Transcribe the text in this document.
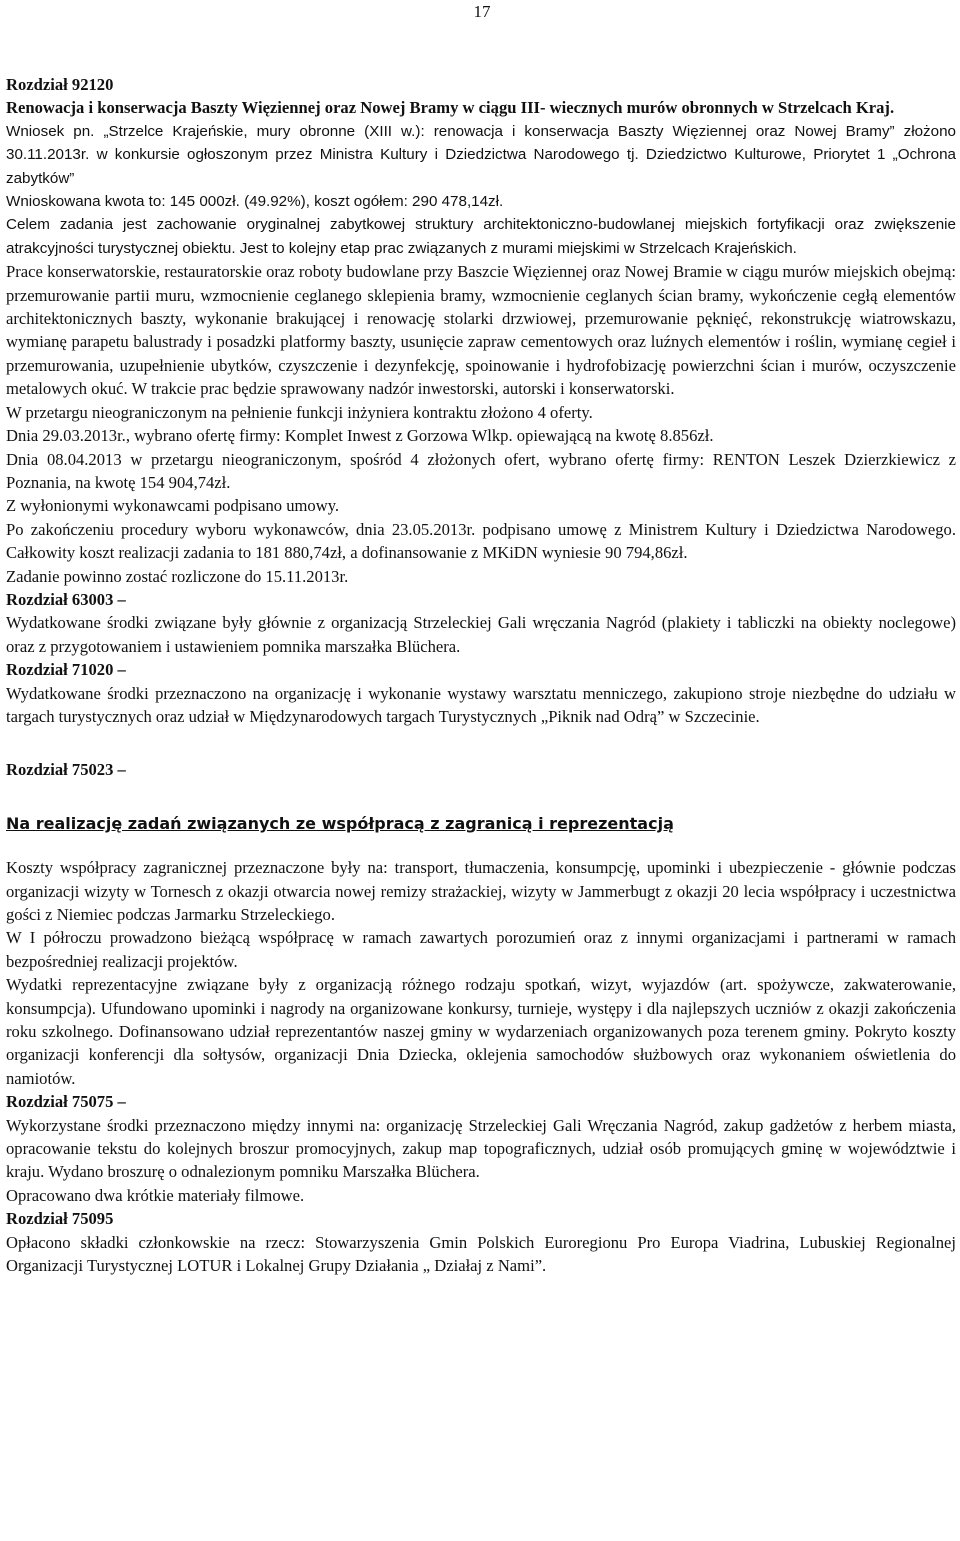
17

Rozdział 92120

Renowacja i konserwacja Baszty Więziennej oraz Nowej Bramy w ciągu III- wiecznych murów obronnych w Strzelcach Kraj.

Wniosek pn. „Strzelce Krajeńskie, mury obronne (XIII w.): renowacja i konserwacja Baszty Więziennej oraz Nowej Bramy” złożono 30.11.2013r. w konkursie ogłoszonym przez Ministra Kultury i Dziedzictwa Narodowego tj. Dziedzictwo Kulturowe, Priorytet 1 „Ochrona zabytków”

Wnioskowana kwota to: 145 000zł. (49.92%), koszt ogółem: 290 478,14zł.

Celem zadania jest zachowanie oryginalnej zabytkowej struktury architektoniczno-budowlanej miejskich fortyfikacji oraz zwiększenie atrakcyjności turystycznej obiektu. Jest to kolejny etap prac związanych z murami miejskimi w Strzelcach Krajeńskich.

Prace konserwatorskie, restauratorskie oraz roboty budowlane przy Baszcie Więziennej oraz Nowej Bramie w ciągu murów miejskich obejmą: przemurowanie partii muru, wzmocnienie ceglanego sklepienia bramy, wzmocnienie ceglanych ścian bramy, wykończenie cegłą elementów architektonicznych baszty, wykonanie brakującej i renowację stolarki drzwiowej, przemurowanie pęknięć, rekonstrukcję wiatrowskazu, wymianę parapetu balustrady i posadzki platformy baszty, usunięcie zapraw cementowych oraz luźnych elementów i roślin, wymianę cegieł i przemurowania, uzupełnienie ubytków, czyszczenie i dezynfekcję, spoinowanie i hydrofobizację powierzchni ścian i murów, oczyszczenie metalowych okuć. W trakcie prac będzie sprawowany nadzór inwestorski, autorski i konserwatorski.

W przetargu nieograniczonym na pełnienie funkcji inżyniera kontraktu złożono 4 oferty.

Dnia 29.03.2013r., wybrano ofertę firmy: Komplet Inwest z Gorzowa Wlkp. opiewającą na kwotę 8.856zł.

Dnia 08.04.2013 w przetargu nieograniczonym, spośród 4 złożonych ofert, wybrano ofertę firmy: RENTON Leszek Dzierzkiewicz z Poznania, na kwotę 154 904,74zł.

Z wyłonionymi wykonawcami podpisano umowy.

Po zakończeniu procedury wyboru wykonawców, dnia 23.05.2013r. podpisano umowę z Ministrem Kultury i Dziedzictwa Narodowego. Całkowity koszt realizacji zadania to 181 880,74zł, a dofinansowanie z MKiDN wyniesie 90 794,86zł.

Zadanie powinno zostać rozliczone do 15.11.2013r.

Rozdział 63003 –

Wydatkowane środki związane były głównie z organizacją Strzeleckiej Gali wręczania Nagród (plakiety i tabliczki na obiekty noclegowe) oraz z przygotowaniem i ustawieniem pomnika marszałka Blüchera.

Rozdział 71020 –

Wydatkowane środki przeznaczono na organizację i wykonanie wystawy warsztatu menniczego, zakupiono stroje niezbędne do udziału w targach turystycznych oraz udział w Międzynarodowych targach Turystycznych „Piknik nad Odrą” w Szczecinie.

Rozdział 75023 –

Na realizację zadań związanych ze współpracą z zagranicą i reprezentacją

Koszty współpracy zagranicznej przeznaczone były na: transport, tłumaczenia, konsumpcję, upominki i ubezpieczenie - głównie podczas organizacji wizyty w Tornesch z okazji otwarcia nowej remizy strażackiej, wizyty w Jammerbugt z okazji 20 lecia współpracy i uczestnictwa gości z Niemiec podczas Jarmarku Strzeleckiego.

W I półroczu prowadzono bieżącą współpracę w ramach zawartych porozumień oraz z innymi organizacjami i partnerami w ramach bezpośredniej realizacji projektów.

Wydatki reprezentacyjne związane były z organizacją różnego rodzaju spotkań, wizyt, wyjazdów (art. spożywcze, zakwaterowanie, konsumpcja). Ufundowano upominki i nagrody na organizowane konkursy, turnieje, występy i dla najlepszych uczniów z okazji zakończenia roku szkolnego. Dofinansowano udział reprezentantów naszej gminy w wydarzeniach organizowanych poza terenem gminy. Pokryto koszty organizacji konferencji dla sołtysów, organizacji Dnia Dziecka, oklejenia samochodów służbowych oraz wykonaniem oświetlenia do namiotów.

Rozdział 75075 –

Wykorzystane środki przeznaczono między innymi na: organizację Strzeleckiej Gali Wręczania Nagród, zakup gadżetów z herbem miasta, opracowanie tekstu do kolejnych broszur promocyjnych, zakup map topograficznych, udział osób promujących gminę w województwie i kraju. Wydano broszurę o odnalezionym pomniku Marszałka Blüchera.

Opracowano dwa krótkie materiały filmowe.

Rozdział 75095

Opłacono składki członkowskie na rzecz: Stowarzyszenia Gmin Polskich Euroregionu Pro Europa Viadrina, Lubuskiej Regionalnej Organizacji Turystycznej LOTUR i Lokalnej Grupy Działania „ Działaj z Nami”.
